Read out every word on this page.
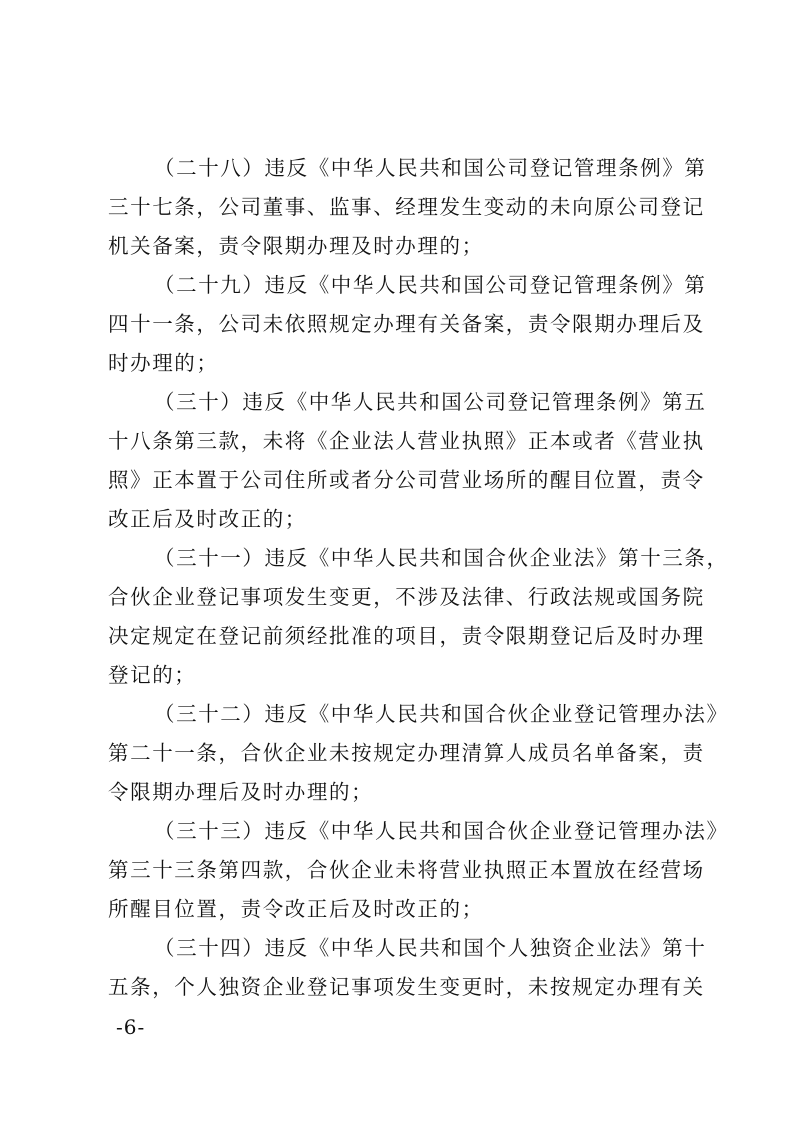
（二十八）违反《中华人民共和国公司登记管理条例》第
三十七条，公司董事、监事、经理发生变动的未向原公司登记
机关备案，责令限期办理及时办理的；
（二十九）违反《中华人民共和国公司登记管理条例》第
四十一条，公司未依照规定办理有关备案，责令限期办理后及
时办理的；
（三十）违反《中华人民共和国公司登记管理条例》第五
十八条第三款，未将《企业法人营业执照》正本或者《营业执
照》正本置于公司住所或者分公司营业场所的醒目位置，责令
改正后及时改正的；
（三十一）违反《中华人民共和国合伙企业法》第十三条，
合伙企业登记事项发生变更，不涉及法律、行政法规或国务院
决定规定在登记前须经批准的项目，责令限期登记后及时办理
登记的；
（三十二）违反《中华人民共和国合伙企业登记管理办法》
第二十一条，合伙企业未按规定办理清算人成员名单备案，责
令限期办理后及时办理的；
（三十三）违反《中华人民共和国合伙企业登记管理办法》
第三十三条第四款，合伙企业未将营业执照正本置放在经营场
所醒目位置，责令改正后及时改正的；
（三十四）违反《中华人民共和国个人独资企业法》第十
五条，个人独资企业登记事项发生变更时，未按规定办理有关
-6-
